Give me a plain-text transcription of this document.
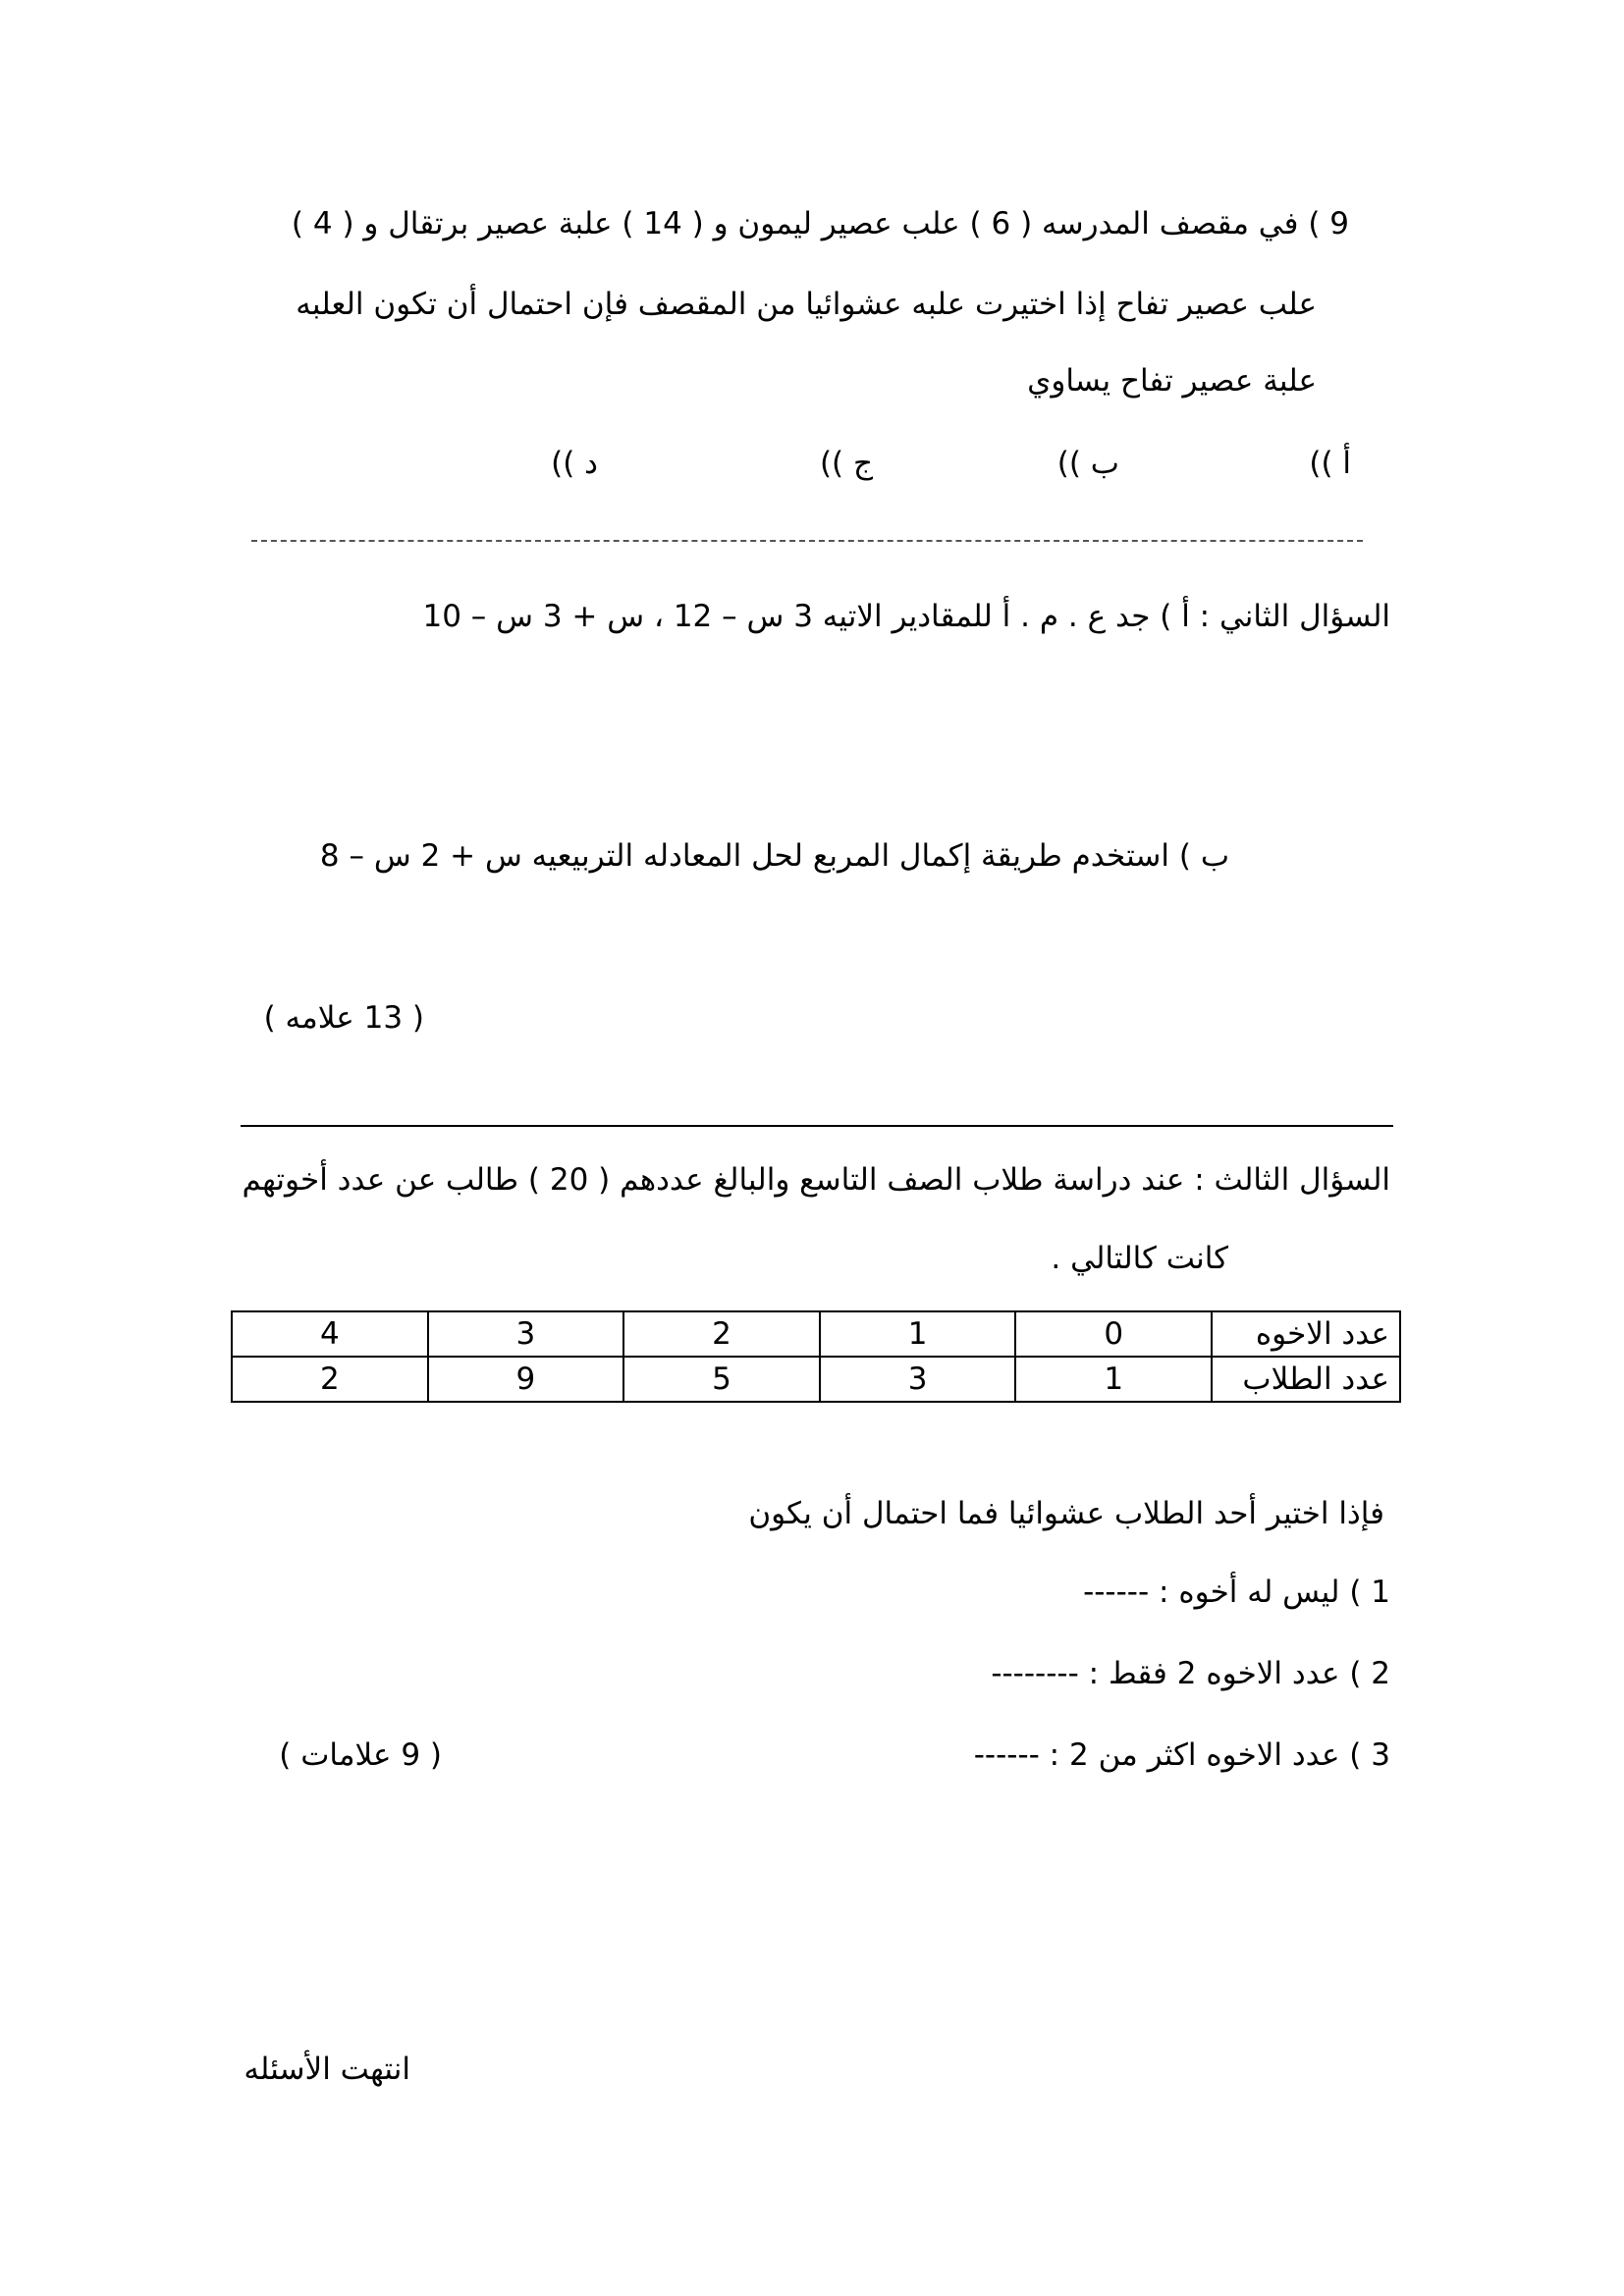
9 ) في مقصف المدرسه ( 6 ) علب عصير ليمون و ( 14 ) علبة عصير برتقال و ( 4 )
علب عصير تفاح إذا اختيرت علبه عشوائيا من المقصف فإن احتمال أن تكون العلبه
علبة عصير تفاح يساوي
أ ))
ب ))
ج ))
د ))
السؤال الثاني : أ ) جد ع . م . أ للمقادير الاتيه 3 س – 12 ، س + 3 س – 10
ب ) استخدم طريقة إكمال المربع لحل المعادله التربيعيه س + 2 س – 8
( 13 علامه )
السؤال الثالث : عند دراسة طلاب الصف التاسع والبالغ عددهم ( 20 ) طالب عن عدد أخوتهم
كانت كالتالي .
عدد الاخوه	0	1	2	3	4
عدد الطلاب	1	3	5	9	2
فإذا اختير أحد الطلاب عشوائيا فما احتمال أن يكون
1 ) ليس له أخوه : ------
2 ) عدد الاخوه 2 فقط : --------
3 ) عدد الاخوه اكثر من 2 : ------
( 9 علامات )
انتهت الأسئله
